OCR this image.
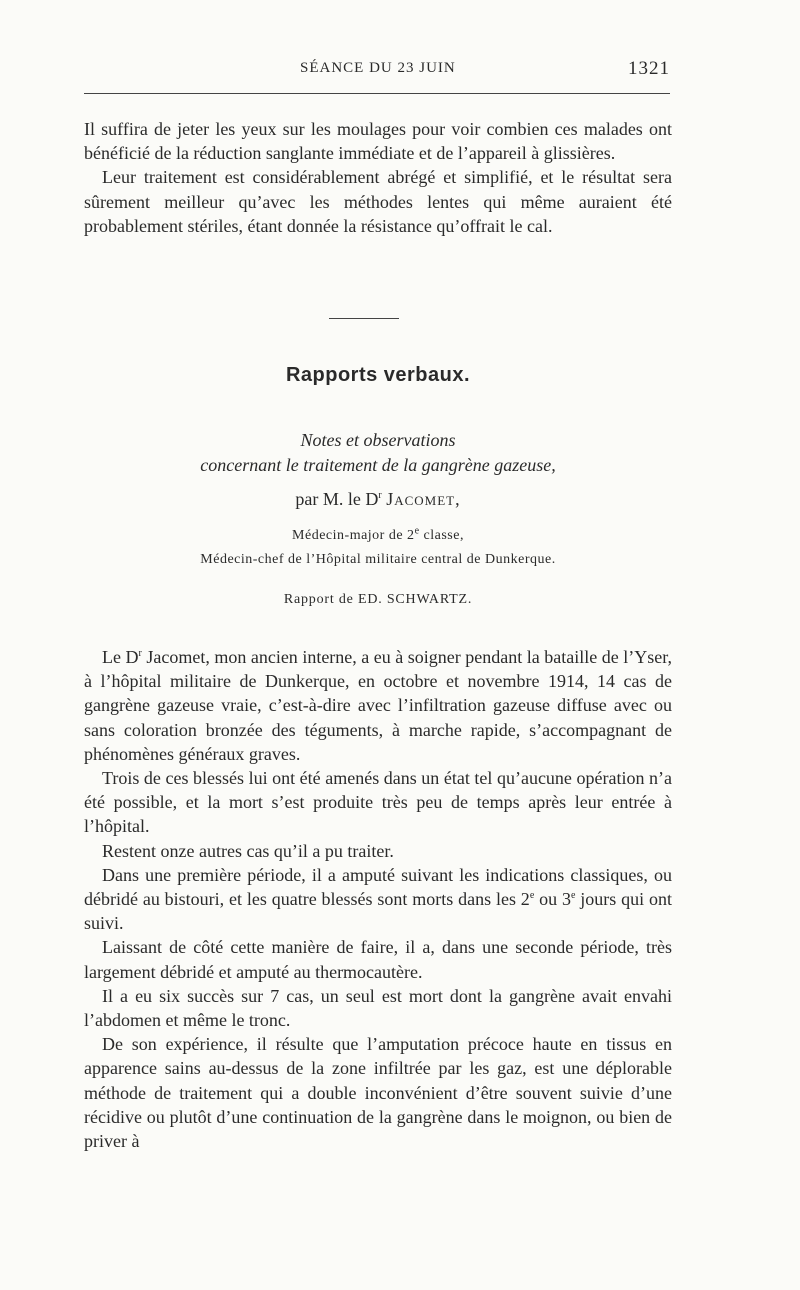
SÉANCE DU 23 JUIN	1321

Il suffira de jeter les yeux sur les moulages pour voir combien ces malades ont bénéficié de la réduction sanglante immédiate et de l’appareil à glissières.

Leur traitement est considérablement abrégé et simplifié, et le résultat sera sûrement meilleur qu’avec les méthodes lentes qui même auraient été probablement stériles, étant donnée la résistance qu’offrait le cal.

Rapports verbaux.
Notes et observations
concernant le traitement de la gangrène gazeuse,
par M. le $D^r$ Jacomet,
Médecin-major de 2e classe,
Médecin-chef de l’Hôpital militaire central de Dunkerque.
Rapport de ED. SCHWARTZ.

Le $D^r$ Jacomet, mon ancien interne, a eu à soigner pendant la bataille de l’Yser, à l’hôpital militaire de Dunkerque, en octobre et novembre 1914, 14 cas de gangrène gazeuse vraie, c’est-à-dire avec l’infiltration gazeuse diffuse avec ou sans coloration bronzée des téguments, à marche rapide, s’accompagnant de phénomènes généraux graves.

Trois de ces blessés lui ont été amenés dans un état tel qu’aucune opération n’a été possible, et la mort s’est produite très peu de temps après leur entrée à l’hôpital.

Restent onze autres cas qu’il a pu traiter.

Dans une première période, il a amputé suivant les indications classiques, ou débridé au bistouri, et les quatre blessés sont morts dans les 2e ou 3e jours qui ont suivi.

Laissant de côté cette manière de faire, il a, dans une seconde période, très largement débridé et amputé au thermocautère.

Il a eu six succès sur 7 cas, un seul est mort dont la gangrène avait envahi l’abdomen et même le tronc.

De son expérience, il résulte que l’amputation précoce haute en tissus en apparence sains au-dessus de la zone infiltrée par les gaz, est une déplorable méthode de traitement qui a double inconvénient d’être souvent suivie d’une récidive ou plutôt d’une continuation de la gangrène dans le moignon, ou bien de priver à
